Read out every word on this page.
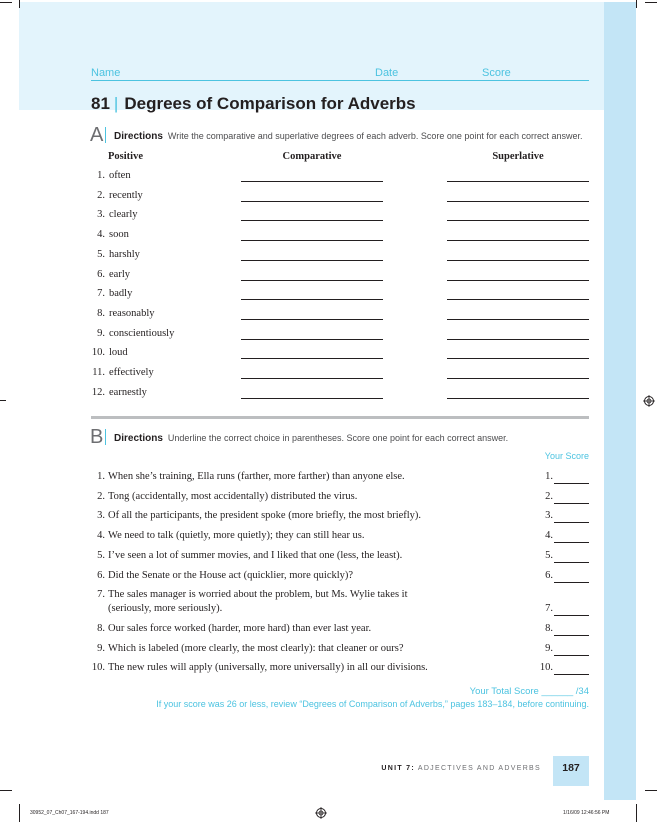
Name	Date	Score
81 | Degrees of Comparison for Adverbs
A	Directions Write the comparative and superlative degrees of each adverb. Score one point for each correct answer.
Positive	Comparative	Superlative
1. often
2. recently
3. clearly
4. soon
5. harshly
6. early
7. badly
8. reasonably
9. conscientiously
10. loud
11. effectively
12. earnestly
B	Directions Underline the correct choice in parentheses. Score one point for each correct answer.
Your Score
1. When she’s training, Ella runs (farther, more farther) than anyone else.	1.
2. Tong (accidentally, most accidentally) distributed the virus.	2.
3. Of all the participants, the president spoke (more briefly, the most briefly).	3.
4. We need to talk (quietly, more quietly); they can still hear us.	4.
5. I’ve seen a lot of summer movies, and I liked that one (less, the least).	5.
6. Did the Senate or the House act (quicklier, more quickly)?	6.
7. The sales manager is worried about the problem, but Ms. Wylie takes it
(seriously, more seriously).	7.
8. Our sales force worked (harder, more hard) than ever last year.	8.
9. Which is labeled (more clearly, the most clearly): that cleaner or ours?	9.
10. The new rules will apply (universally, more universally) in all our divisions.	10.
Your Total Score ______ /34
If your score was 26 or less, review “Degrees of Comparison of Adverbs,” pages 183–184, before continuing.
UNIT 7: ADJECTIVES AND ADVERBS	187
30952_07_Ch07_167-194.indd 187	1/16/09 12:46:56 PM
